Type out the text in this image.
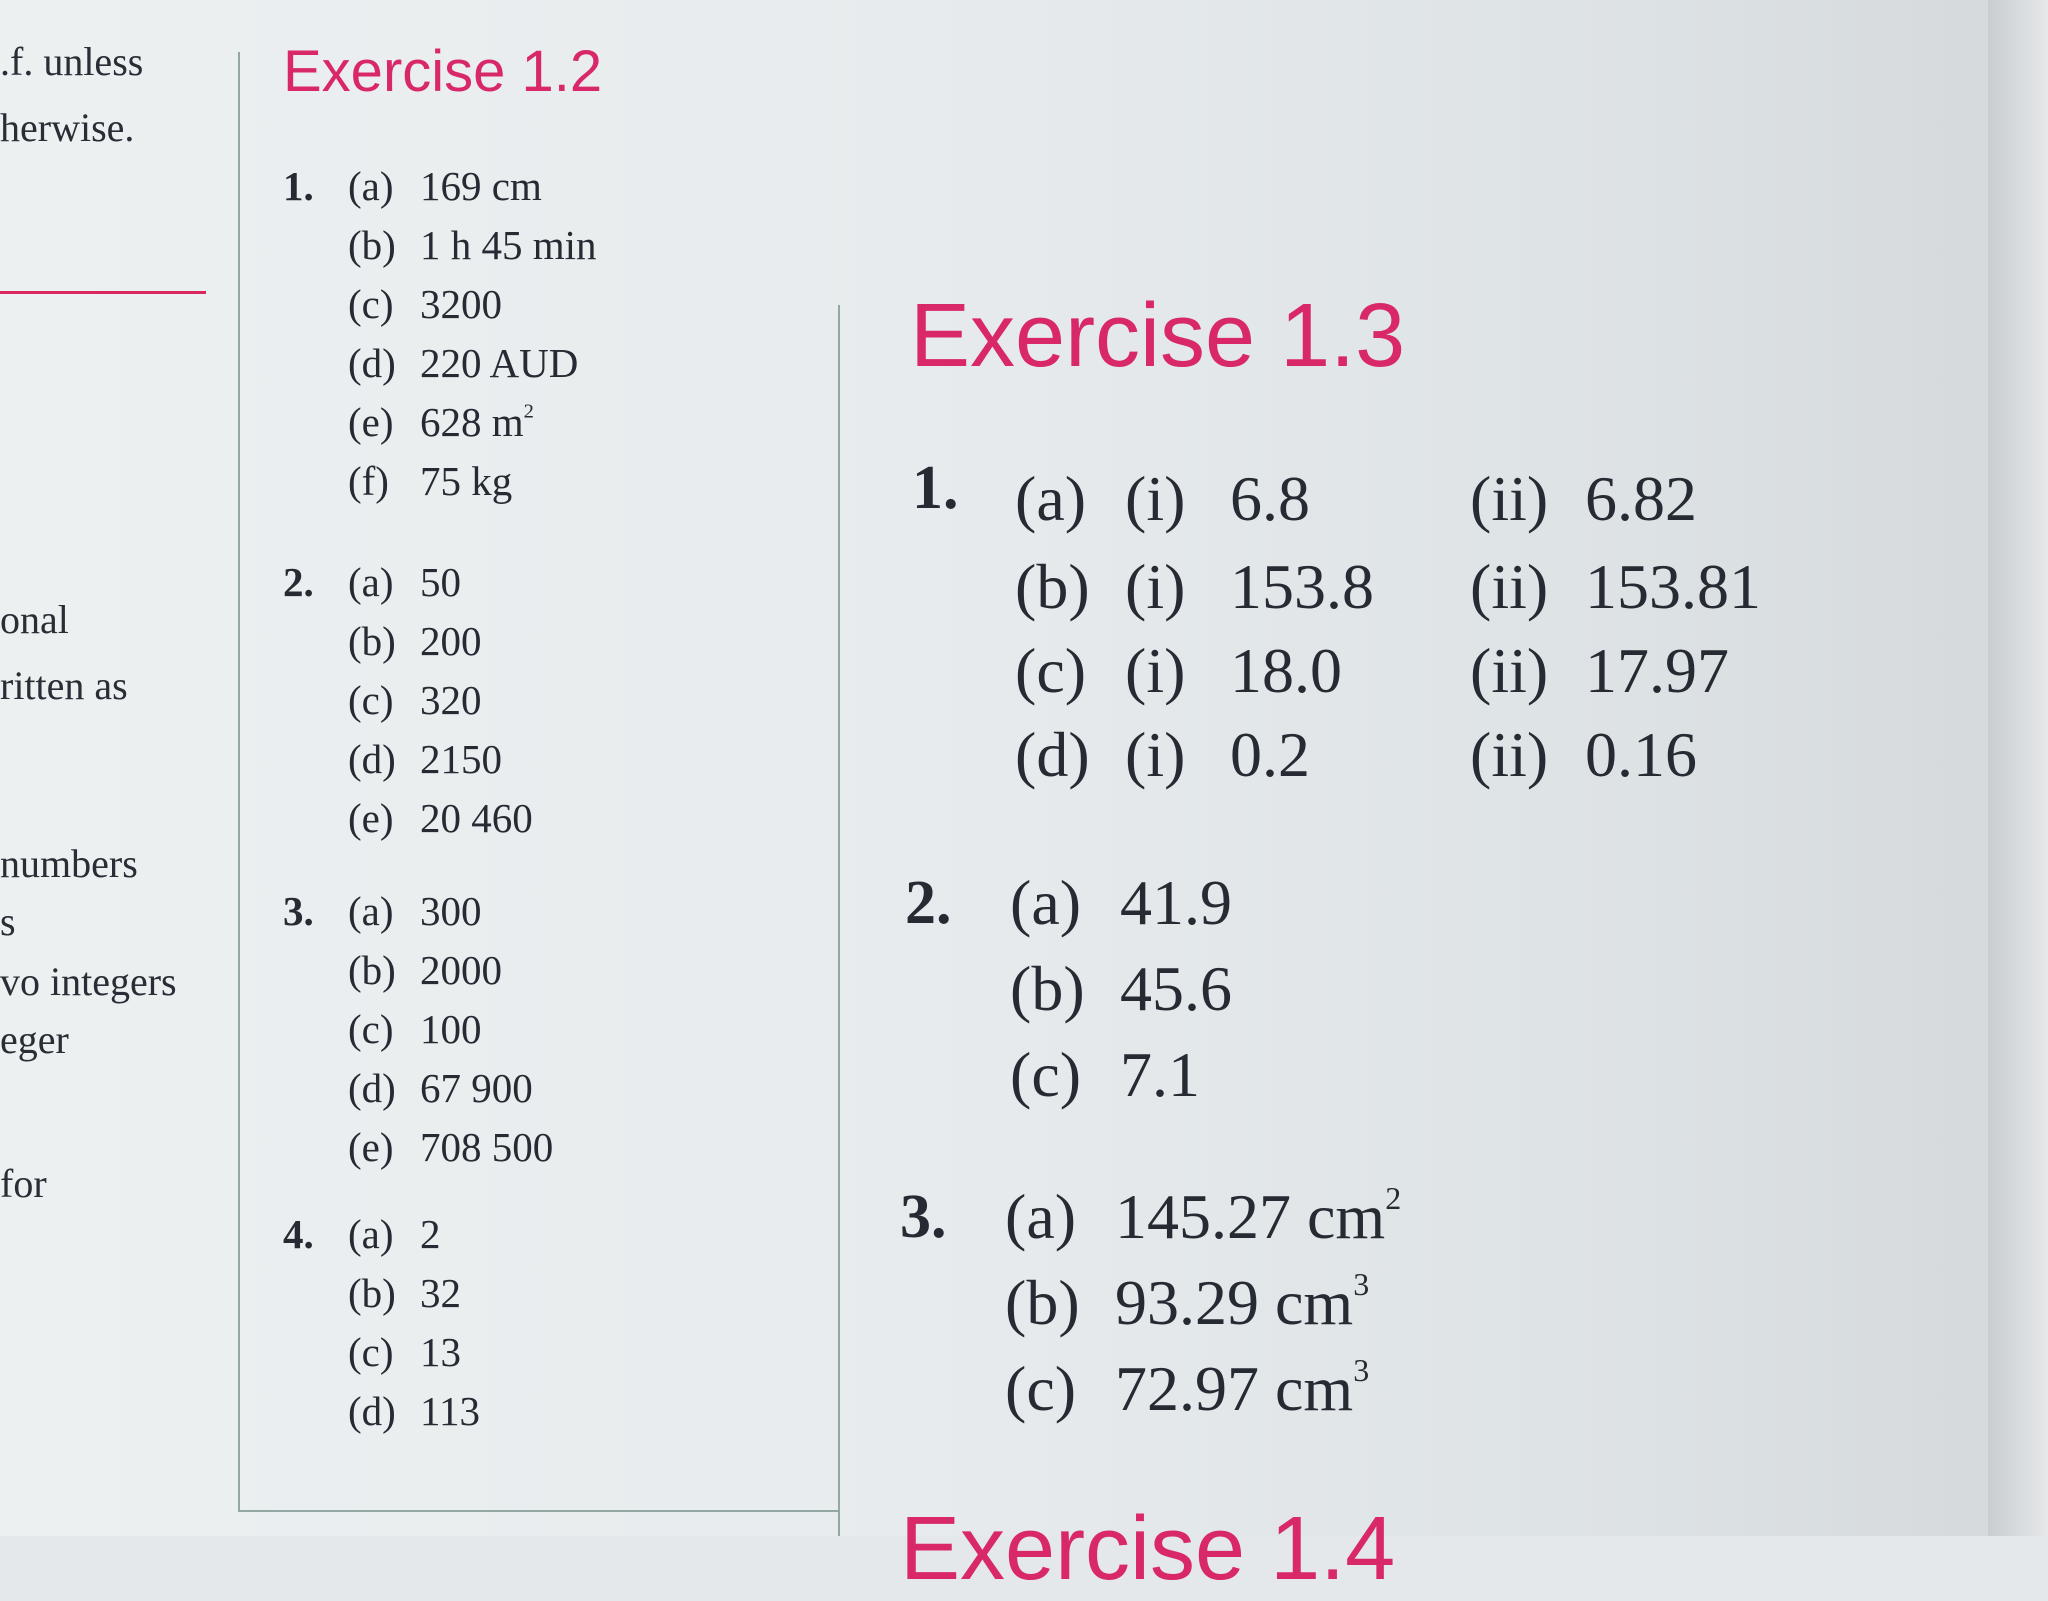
.f. unless
herwise.
onal
ritten as
numbers
s
vo integers
eger
for
Exercise 1.2
1. (a) 169 cm
(b) 1 h 45 min
(c) 3200
(d) 220 AUD
(e) 628 $m^2$
(f) 75 kg
2. (a) 50
(b) 200
(c) 320
(d) 2150
(e) 20 460
3. (a) 300
(b) 2000
(c) 100
(d) 67 900
(e) 708 500
4. (a) 2
(b) 32
(c) 13
(d) 113
Exercise 1.3
1. (a) (i) 6.8	(ii) 6.82
(b) (i) 153.8 (ii) 153.81
(c) (i) 18.0 (ii) 17.97
(d) (i) 0.2	(ii) 0.16
2. (a) 41.9
(b) 45.6
(c) 7.1
3. (a) 145.27 $cm^2$
(b) 93.29 $cm^3$
(c) 72.97 $cm^3$
Exercise 1.4
